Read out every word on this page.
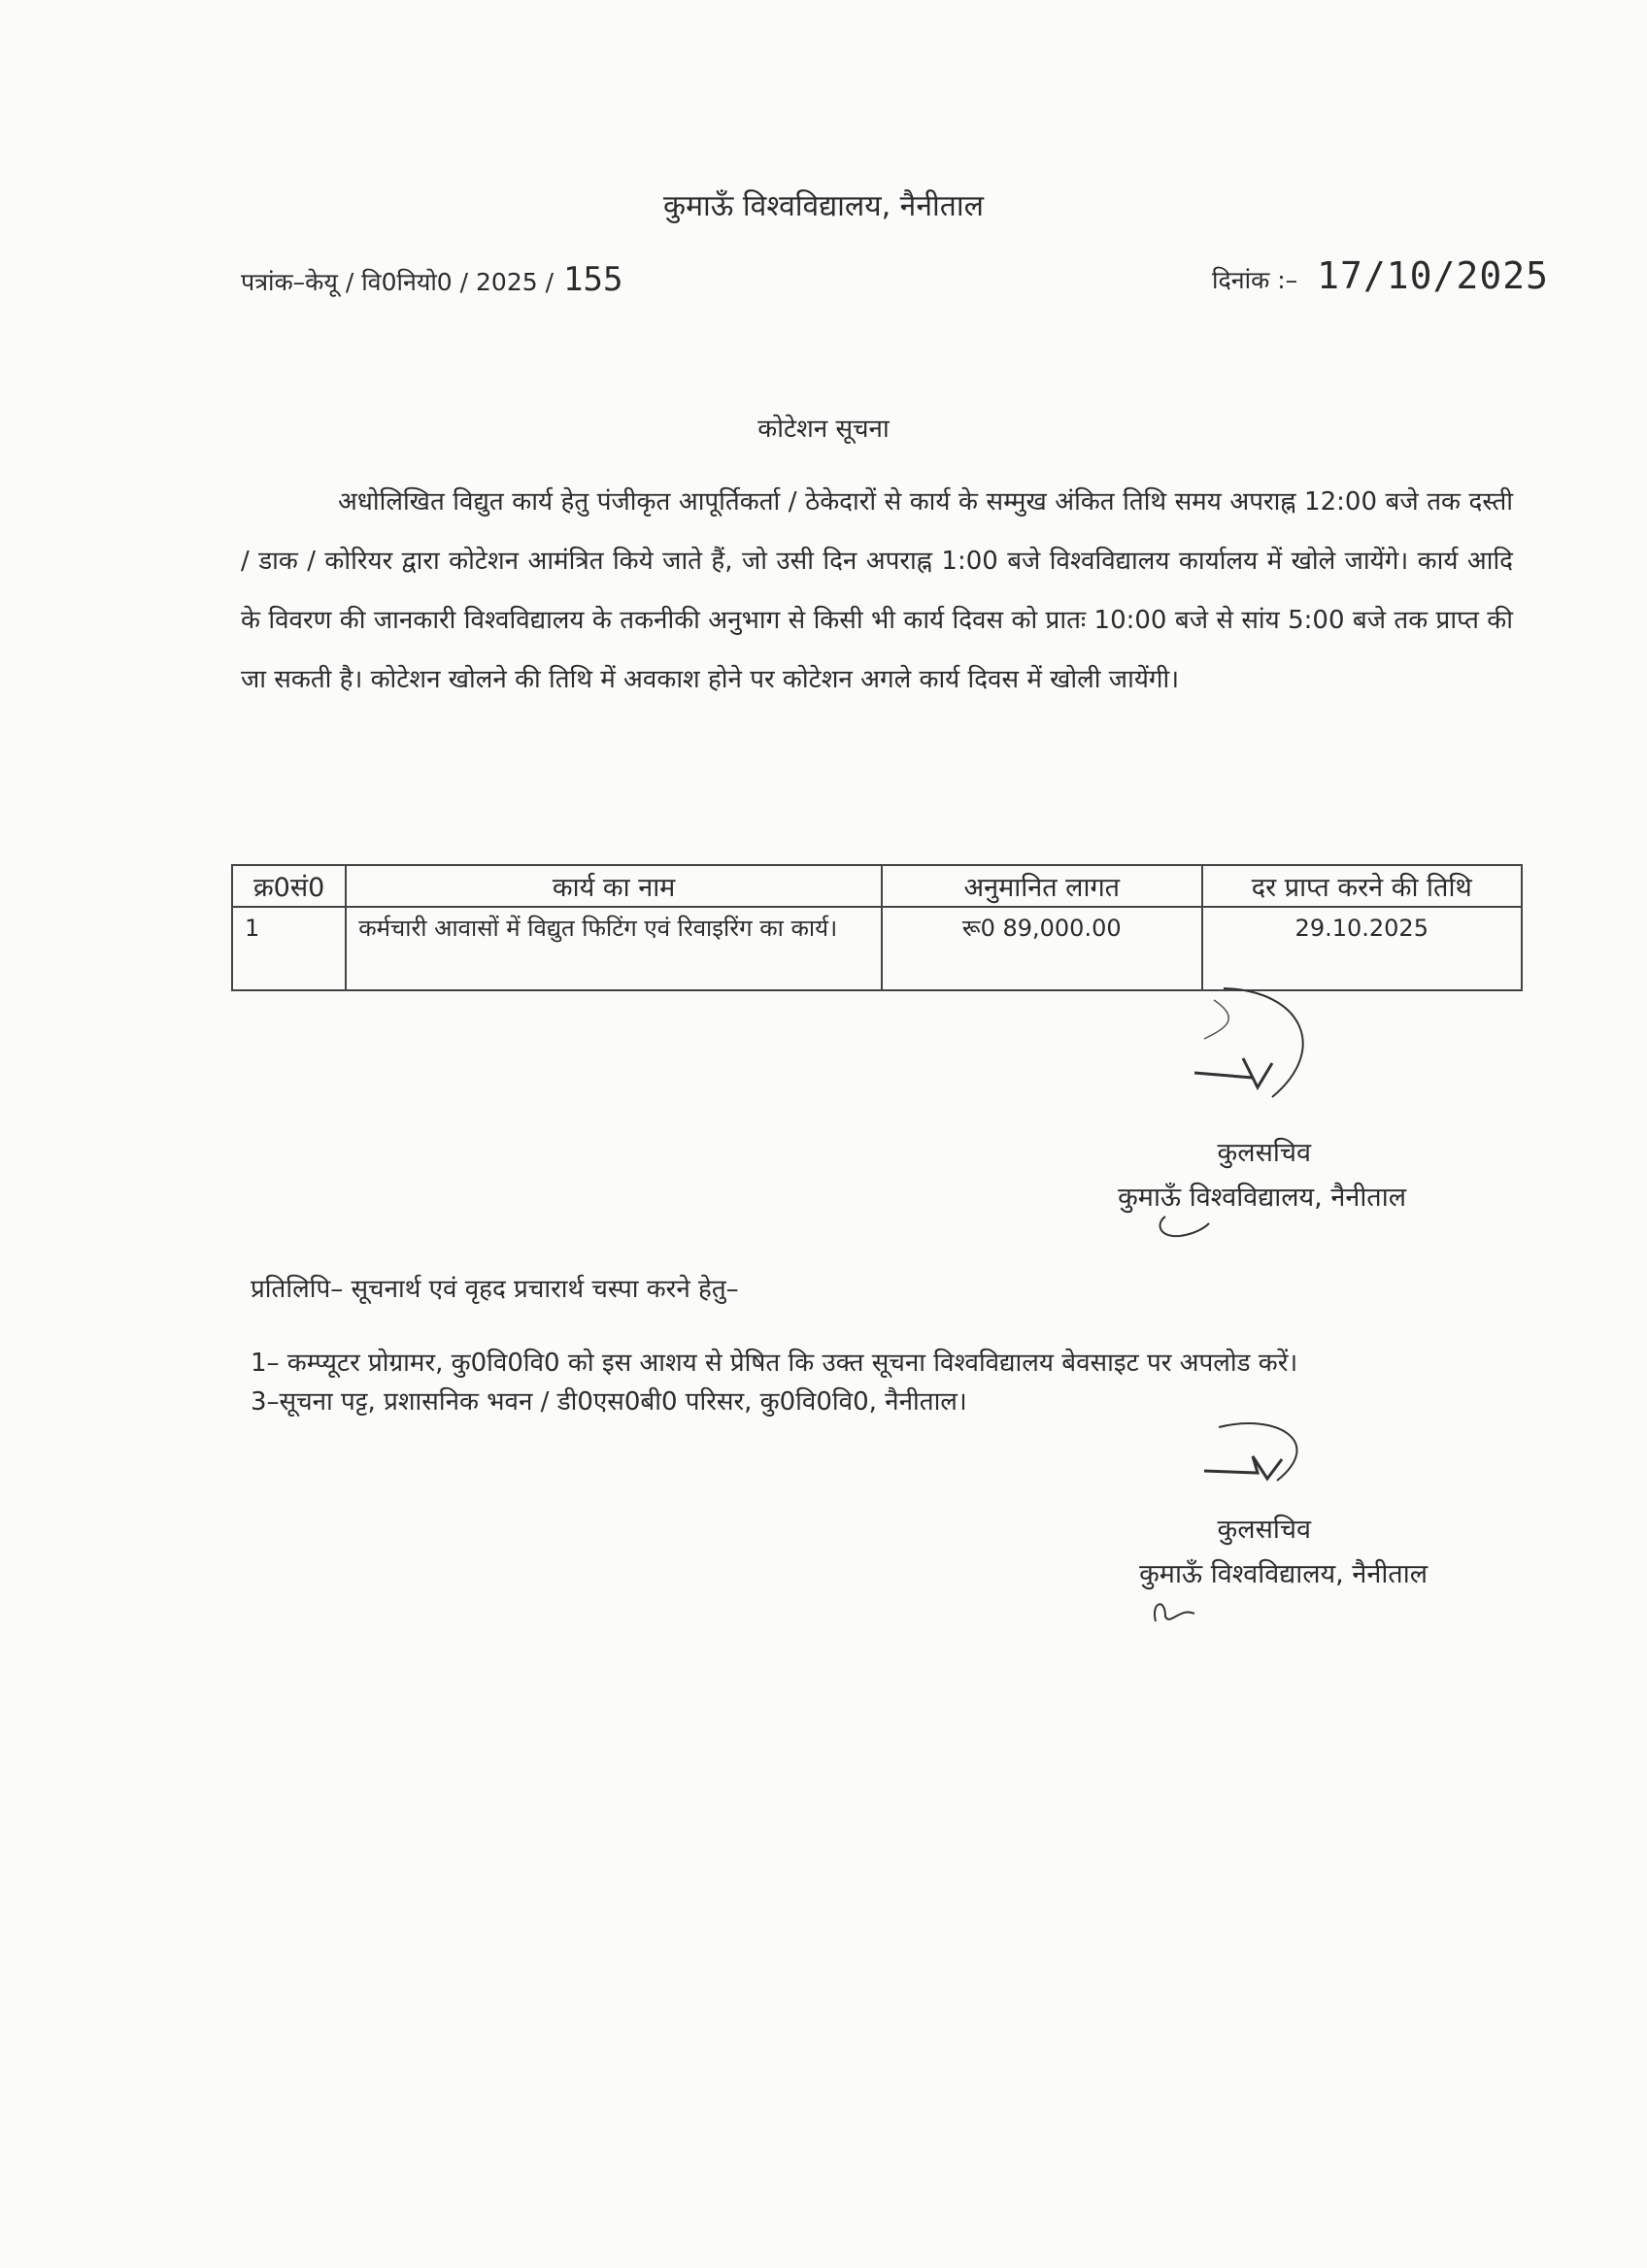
कुमाऊँ विश्वविद्यालय, नैनीताल
पत्रांक–केयू / वि0नियो0 / 2025 / 155	दिनांक :– 17/10/2025
कोटेशन सूचना
अधोलिखित विद्युत कार्य हेतु पंजीकृत आपूर्तिकर्ता / ठेकेदारों से कार्य के सम्मुख अंकित तिथि समय अपराह्न 12:00 बजे तक दस्ती / डाक / कोरियर द्वारा कोटेशन आमंत्रित किये जाते हैं, जो उसी दिन अपराह्न 1:00 बजे विश्वविद्यालय कार्यालय में खोले जायेंगे। कार्य आदि के विवरण की जानकारी विश्वविद्यालय के तकनीकी अनुभाग से किसी भी कार्य दिवस को प्रातः 10:00 बजे से सांय 5:00 बजे तक प्राप्त की जा सकती है। कोटेशन खोलने की तिथि में अवकाश होने पर कोटेशन अगले कार्य दिवस में खोली जायेंगी।
क्र0सं0	कार्य का नाम	अनुमानित लागत	दर प्राप्त करने की तिथि
1	कर्मचारी आवासों में विद्युत फिटिंग एवं रिवाइरिंग का कार्य।	रू0 89,000.00	29.10.2025
कुलसचिव
कुमाऊँ विश्वविद्यालय, नैनीताल
प्रतिलिपि– सूचनार्थ एवं वृहद प्रचारार्थ चस्पा करने हेतु–
1– कम्प्यूटर प्रोग्रामर, कु0वि0वि0 को इस आशय से प्रेषित कि उक्त सूचना विश्वविद्यालय बेवसाइट पर अपलोड करें।
3–सूचना पट्ट, प्रशासनिक भवन / डी0एस0बी0 परिसर, कु0वि0वि0, नैनीताल।
कुलसचिव
कुमाऊँ विश्वविद्यालय, नैनीताल
